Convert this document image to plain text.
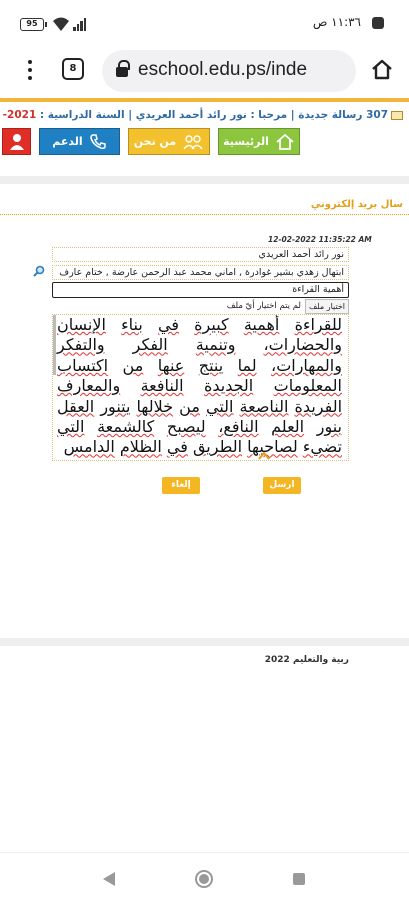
95	١١:٣٦ ص
8	eschool.edu.ps/inde
307 رسالة جديدة | مرحبا : نور رائد أحمد العريدي | السنة الدراسية : 2021-
الرئيسية
من نحن
الدعم
سال بريد إلكتروني
12-02-2022 11:35:22 AM
نور رائد أحمد العريدي
ابتهال زهدي بشير غوادرة , اماني محمد عبد الرحمن عارضة , ختام عارف
أهمية القراءة
اختيار ملف
لم يتم اختيار أيّ ملف
للقراءة أهمية كبيرة في بناء الإنسان والحضارات، وتنمية الفكر والتفكر والمهارات، لما ينتج عنها من اكتساب المعلومات الجديدة النافعة والمعارف الفريدة الناصعة التي من خلالها يتنور العقل بنور العلم النافع، ليصبح كالشمعة التي تضيء لصاحبها الطريق في الظلام الدامس
ارسل
إلغاء
ربية والتعليم 2022
